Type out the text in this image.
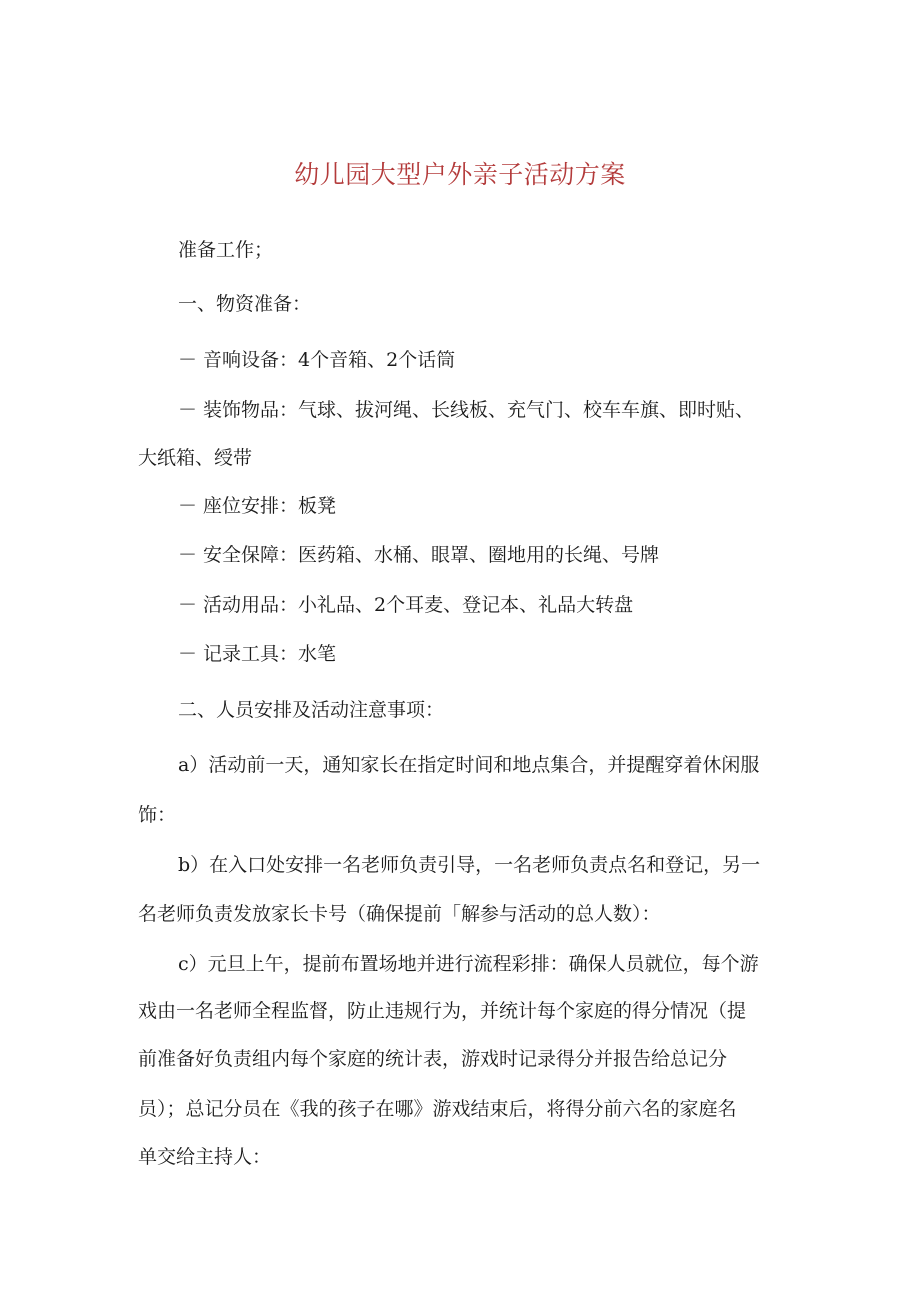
幼儿园大型户外亲子活动方案
准备工作；
一、物资准备：
－ 音响设备：4个音箱、2个话筒
－ 装饰物品：气球、拔河绳、长线板、充气门、校车车旗、即时贴、
大纸箱、绶带
－ 座位安排：板凳
－ 安全保障：医药箱、水桶、眼罩、圈地用的长绳、号牌
－ 活动用品：小礼品、2个耳麦、登记本、礼品大转盘
－ 记录工具：水笔
二、人员安排及活动注意事项：
a）活动前一天，通知家长在指定时间和地点集合，并提醒穿着休闲服
饰：
b）在入口处安排一名老师负责引导，一名老师负责点名和登记，另一
名老师负责发放家长卡号（确保提前「解参与活动的总人数）：
c）元旦上午，提前布置场地并进行流程彩排：确保人员就位，每个游
戏由一名老师全程监督，防止违规行为，并统计每个家庭的得分情况（提
前准备好负责组内每个家庭的统计表，游戏时记录得分并报告给总记分
员）；总记分员在《我的孩子在哪》游戏结束后，将得分前六名的家庭名
单交给主持人：
